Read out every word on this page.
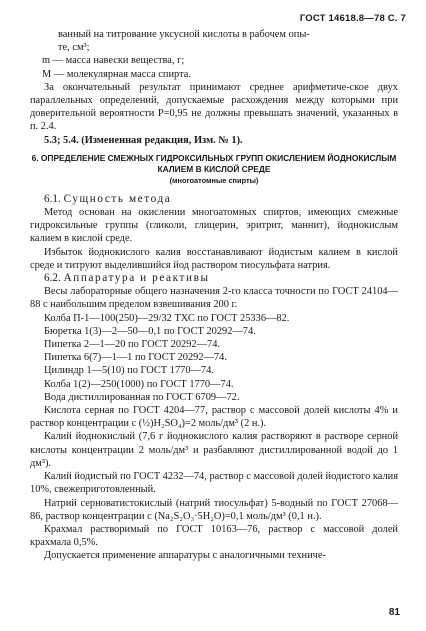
ГОСТ 14618.8—78 С. 7

ванный на титрование уксусной кислоты в рабочем опы-

те, см³;

m — масса навески вещества, г;

M — молекулярная масса спирта.

За окончательный результат принимают среднее арифметиче-ское двух параллельных определений, допускаемые расхождения между которыми при доверительной вероятности P=0,95 не должны превышать значений, указанных в п. 2.4.

5.3; 5.4. (Измененная редакция, Изм. № 1).

6. ОПРЕДЕЛЕНИЕ СМЕЖНЫХ ГИДРОКСИЛЬНЫХ ГРУПП ОКИСЛЕНИЕМ ЙОДНОКИСЛЫМ КАЛИЕМ В КИСЛОЙ СРЕДЕ

(многоатомные спирты)

6.1. Сущность метода

Метод основан на окислении многоатомных спиртов, имеющих смежные гидроксильные группы (гликоли, глицерин, эритрит, маннит), йоднокислым калием в кислой среде.

Избыток йоднокислого калия восстанавливают йодистым калием в кислой среде и титруют выделившийся йод раствором тиосульфата натрия.

6.2. Аппаратура и реактивы

Весы лабораторные общего назначения 2-го класса точности по ГОСТ 24104—88 с наибольшим пределом взвешивания 200 г.

Колба П-1—100(250)—29/32 ТХС по ГОСТ 25336—82.

Бюретка 1(3)—2—50—0,1 по ГОСТ 20292—74.

Пипетка 2—1—20 по ГОСТ 20292—74.

Пипетка 6(7)—1—1 по ГОСТ 20292—74.

Цилиндр 1—5(10) по ГОСТ 1770—74.

Колба 1(2)—250(1000) по ГОСТ 1770—74.

Вода дистиллированная по ГОСТ 6709—72.

Кислота серная по ГОСТ 4204—77, раствор с массовой долей кислоты 4% и раствор концентрации c (½)H₂SO₄)=2 моль/дм³ (2 н.).

Калий йоднокислый (7,6 г йоднокислого калия растворяют в растворе серной кислоты концентрации 2 моль/дм³ и разбавляют дистиллированной водой до 1 дм³).

Калий йодистый по ГОСТ 4232—74, раствор с массовой долей йодистого калия 10%, свежеприготовленный.

Натрий серноватистокислый (натрий тиосульфат) 5-водный по ГОСТ 27068—86, раствор концентрации c (Na₂S₂O₃·5H₂O)=0,1 моль/дм³ (0,1 н.).

Крахмал растворимый по ГОСТ 10163—76, раствор с массовой долей крахмала 0,5%.

Допускается применение аппаратуры с аналогичными техниче-

81
